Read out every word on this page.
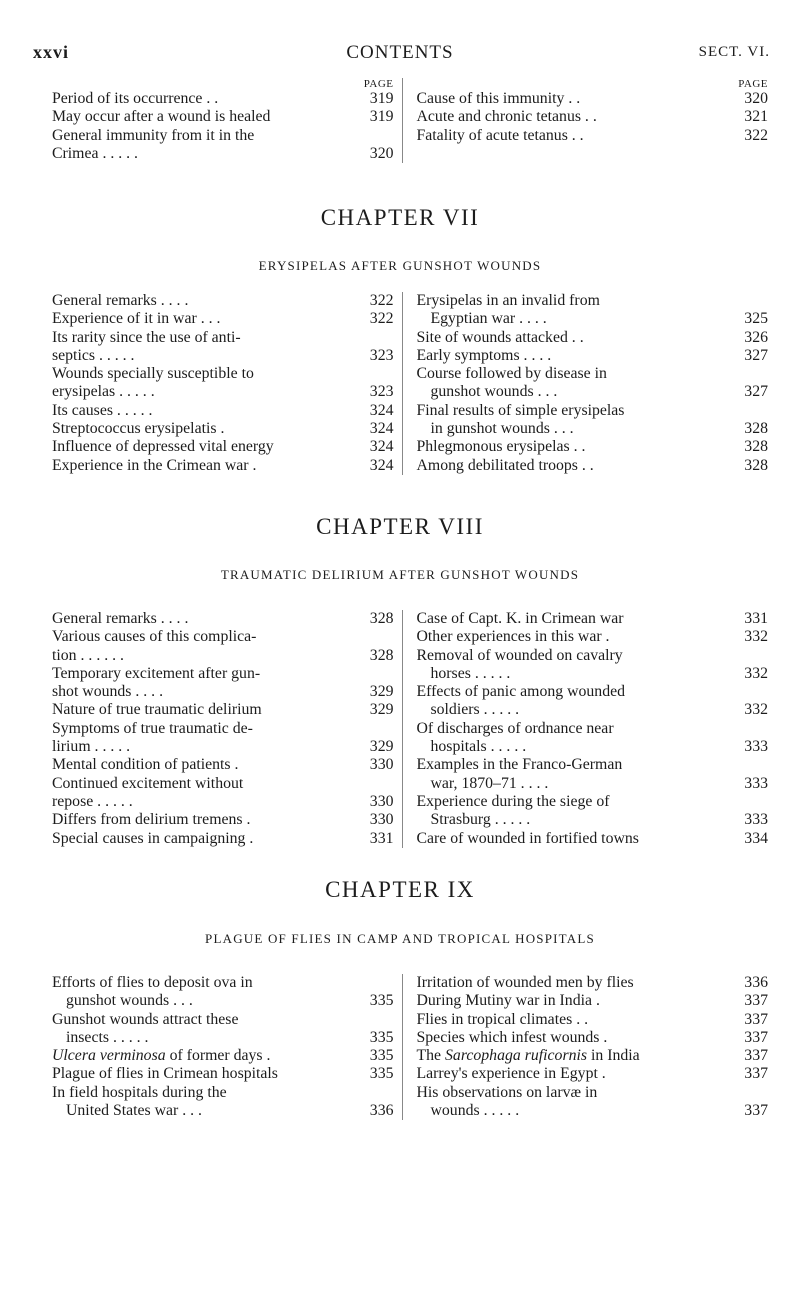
xxvi	CONTENTS	SECT. VI.
PAGE
Period of its occurrence . .	319
May occur after a wound is healed	319
General immunity from it in the
Crimea . . . . .	320
PAGE
Cause of this immunity . .	320
Acute and chronic tetanus . .	321
Fatality of acute tetanus . .	322
CHAPTER VII
ERYSIPELAS AFTER GUNSHOT WOUNDS
General remarks . . . .	322
Experience of it in war . . .	322
Its rarity since the use of anti-
septics . . . . .	323
Wounds specially susceptible to
erysipelas . . . . .	323
Its causes . . . . .	324
Streptococcus erysipelatis .	324
Influence of depressed vital energy	324
Experience in the Crimean war .	324
Erysipelas in an invalid from
Egyptian war . . . .	325
Site of wounds attacked . .	326
Early symptoms . . . .	327
Course followed by disease in
gunshot wounds . . .	327
Final results of simple erysipelas
in gunshot wounds . . .	328
Phlegmonous erysipelas . .	328
Among debilitated troops . .	328
CHAPTER VIII
TRAUMATIC DELIRIUM AFTER GUNSHOT WOUNDS
General remarks . . . .	328
Various causes of this complica-
tion . . . . . .	328
Temporary excitement after gun-
shot wounds . . . .	329
Nature of true traumatic delirium	329
Symptoms of true traumatic de-
lirium . . . . .	329
Mental condition of patients .	330
Continued excitement without
repose . . . . .	330
Differs from delirium tremens .	330
Special causes in campaigning .	331
Case of Capt. K. in Crimean war	331
Other experiences in this war .	332
Removal of wounded on cavalry
horses . . . . .	332
Effects of panic among wounded
soldiers . . . . .	332
Of discharges of ordnance near
hospitals . . . . .	333
Examples in the Franco-German
war, 1870–71 . . . .	333
Experience during the siege of
Strasburg . . . . .	333
Care of wounded in fortified towns	334
CHAPTER IX
PLAGUE OF FLIES IN CAMP AND TROPICAL HOSPITALS
Efforts of flies to deposit ova in
gunshot wounds . . .	335
Gunshot wounds attract these
insects . . . . .	335
Ulcera verminosa of former days .	335
Plague of flies in Crimean hospitals	335
In field hospitals during the
United States war . . .	336
Irritation of wounded men by flies	336
During Mutiny war in India .	337
Flies in tropical climates . .	337
Species which infest wounds .	337
The Sarcophaga ruficornis in India	337
Larrey's experience in Egypt .	337
His observations on larvæ in
wounds . . . . .	337
